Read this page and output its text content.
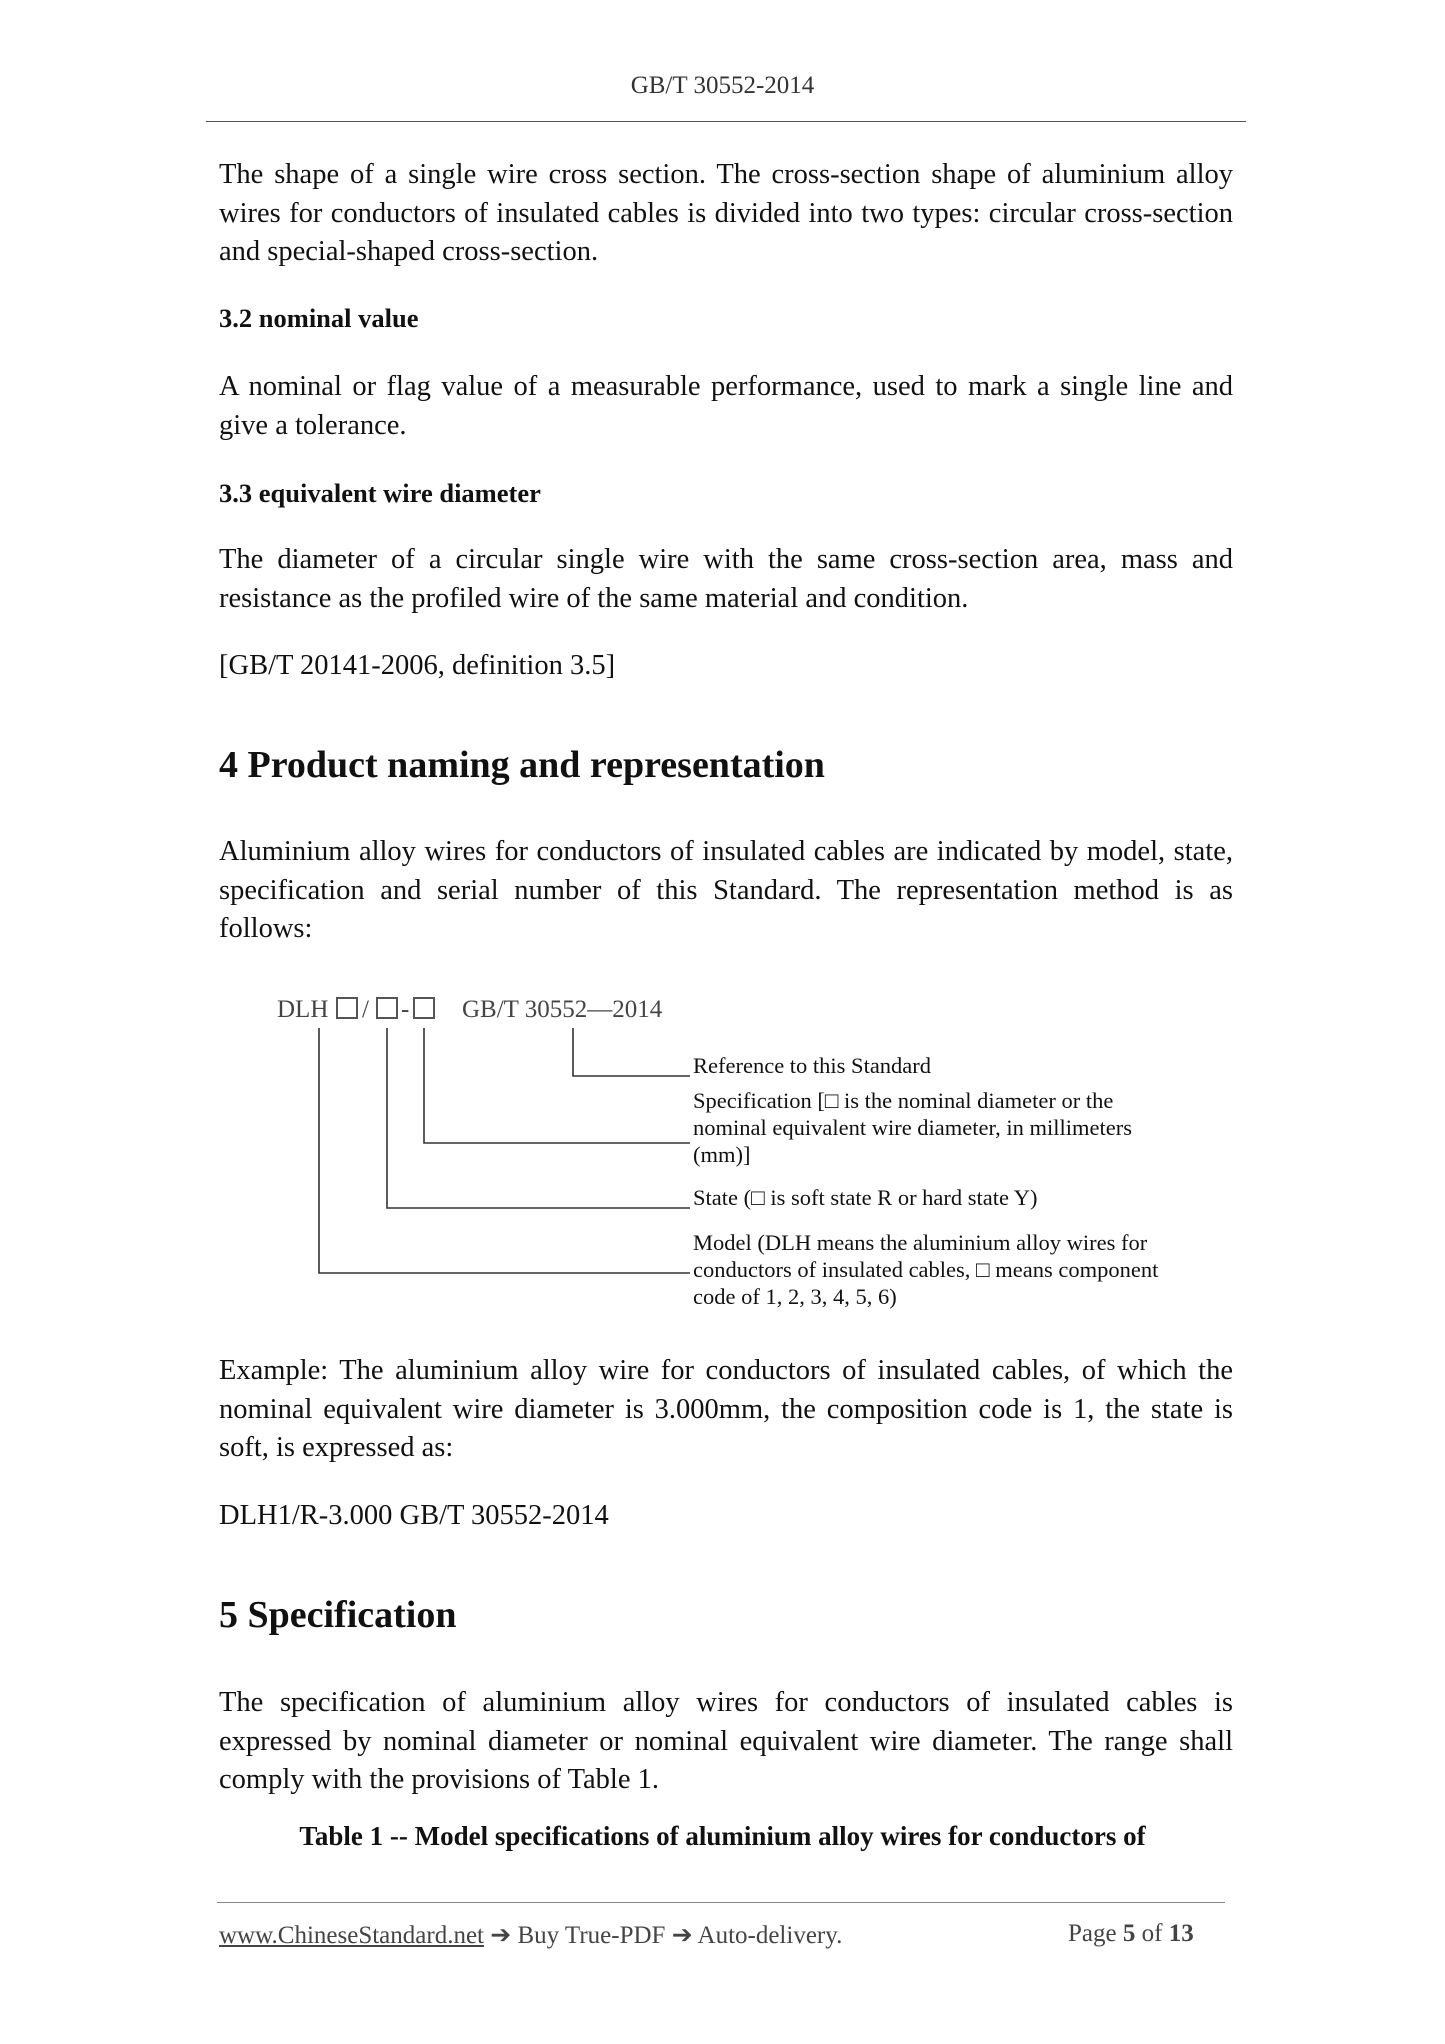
GB/T 30552-2014
The shape of a single wire cross section. The cross-section shape of aluminium alloy
wires for conductors of insulated cables is divided into two types: circular cross-section
and special-shaped cross-section.
3.2 nominal value
A nominal or flag value of a measurable performance, used to mark a single line and
give a tolerance.
3.3 equivalent wire diameter
The diameter of a circular single wire with the same cross-section area, mass and
resistance as the profiled wire of the same material and condition.
[GB/T 20141-2006, definition 3.5]
4 Product naming and representation
Aluminium alloy wires for conductors of insulated cables are indicated by model, state,
specification and serial number of this Standard. The representation method is as
follows:
DLH / - GB/T 30552—2014
Reference to this Standard
Specification [□ is the nominal diameter or the
nominal equivalent wire diameter, in millimeters
(mm)]
State (□ is soft state R or hard state Y)
Model (DLH means the aluminium alloy wires for
conductors of insulated cables, □ means component
code of 1, 2, 3, 4, 5, 6)
Example: The aluminium alloy wire for conductors of insulated cables, of which the
nominal equivalent wire diameter is 3.000mm, the composition code is 1, the state is
soft, is expressed as:
DLH1/R-3.000 GB/T 30552-2014
5 Specification
The specification of aluminium alloy wires for conductors of insulated cables is
expressed by nominal diameter or nominal equivalent wire diameter. The range shall
comply with the provisions of Table 1.
Table 1 -- Model specifications of aluminium alloy wires for conductors of
www.ChineseStandard.net ➔ Buy True-PDF ➔ Auto-delivery.	Page 5 of 13
